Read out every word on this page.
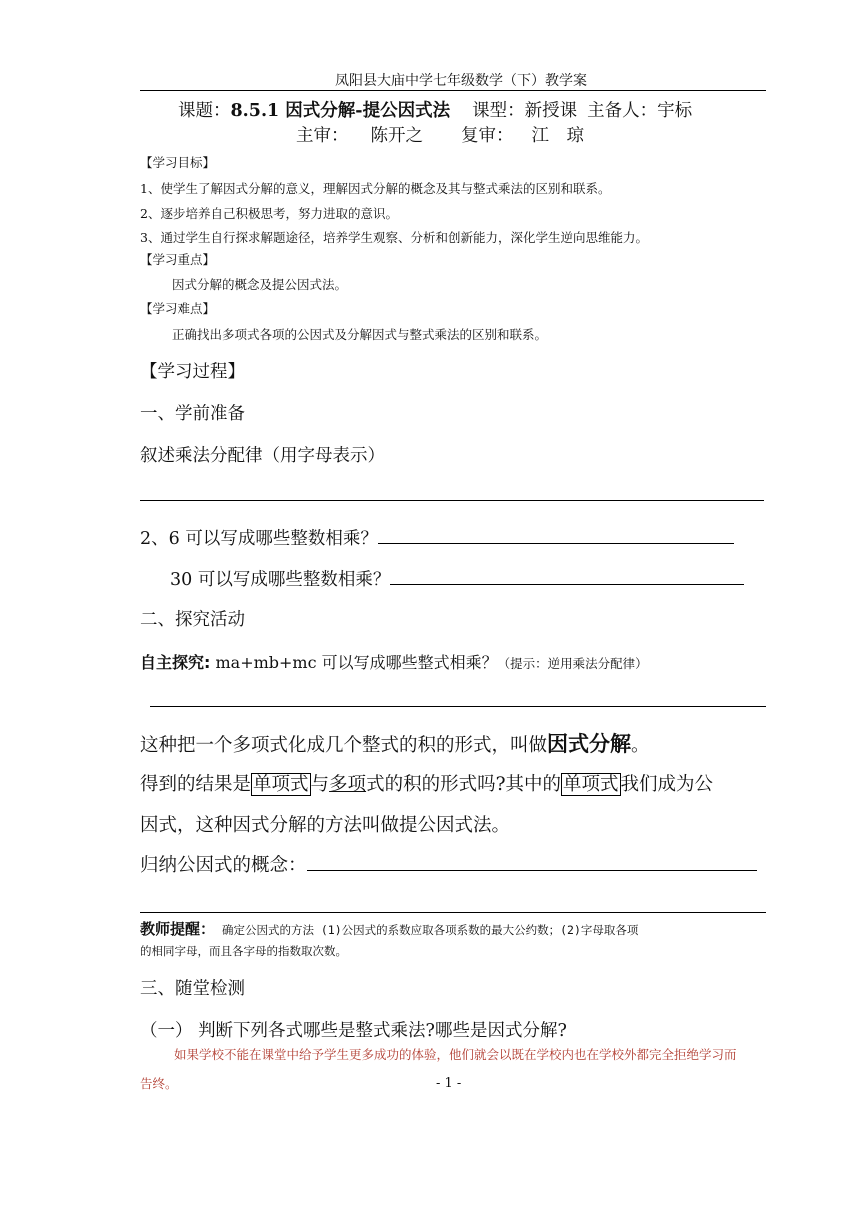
凤阳县大庙中学七年级数学（下）教学案
课题：8.5.1 因式分解-提公因式法 课型：新授课 主备人：宇标
主审： 陈开之 复审： 江　琼
【学习目标】
1、使学生了解因式分解的意义，理解因式分解的概念及其与整式乘法的区别和联系。
2、逐步培养自己积极思考，努力进取的意识。
3、通过学生自行探求解题途径，培养学生观察、分析和创新能力，深化学生逆向思维能力。
【学习重点】
因式分解的概念及提公因式法。
【学习难点】
正确找出多项式各项的公因式及分解因式与整式乘法的区别和联系。
【学习过程】
一、学前准备
叙述乘法分配律（用字母表示）
2、6 可以写成哪些整数相乘？
30 可以写成哪些整数相乘？
二、探究活动
自主探究: ma+mb+mc 可以写成哪些整式相乘？（提示：逆用乘法分配律）
这种把一个多项式化成几个整式的积的形式，叫做因式分解。
得到的结果是 单项式 与多项式的积的形式吗?其中的 单项式 我们成为公
因式，这种因式分解的方法叫做提公因式法。
归纳公因式的概念：
教师提醒： 确定公因式的方法 (1)公因式的系数应取各项系数的最大公约数；(2)字母取各项
的相同字母，而且各字母的指数取次数。
三、随堂检测
（一） 判断下列各式哪些是整式乘法?哪些是因式分解?
如果学校不能在课堂中给予学生更多成功的体验，他们就会以既在学校内也在学校外都完全拒绝学习而
告终。	- 1 -
